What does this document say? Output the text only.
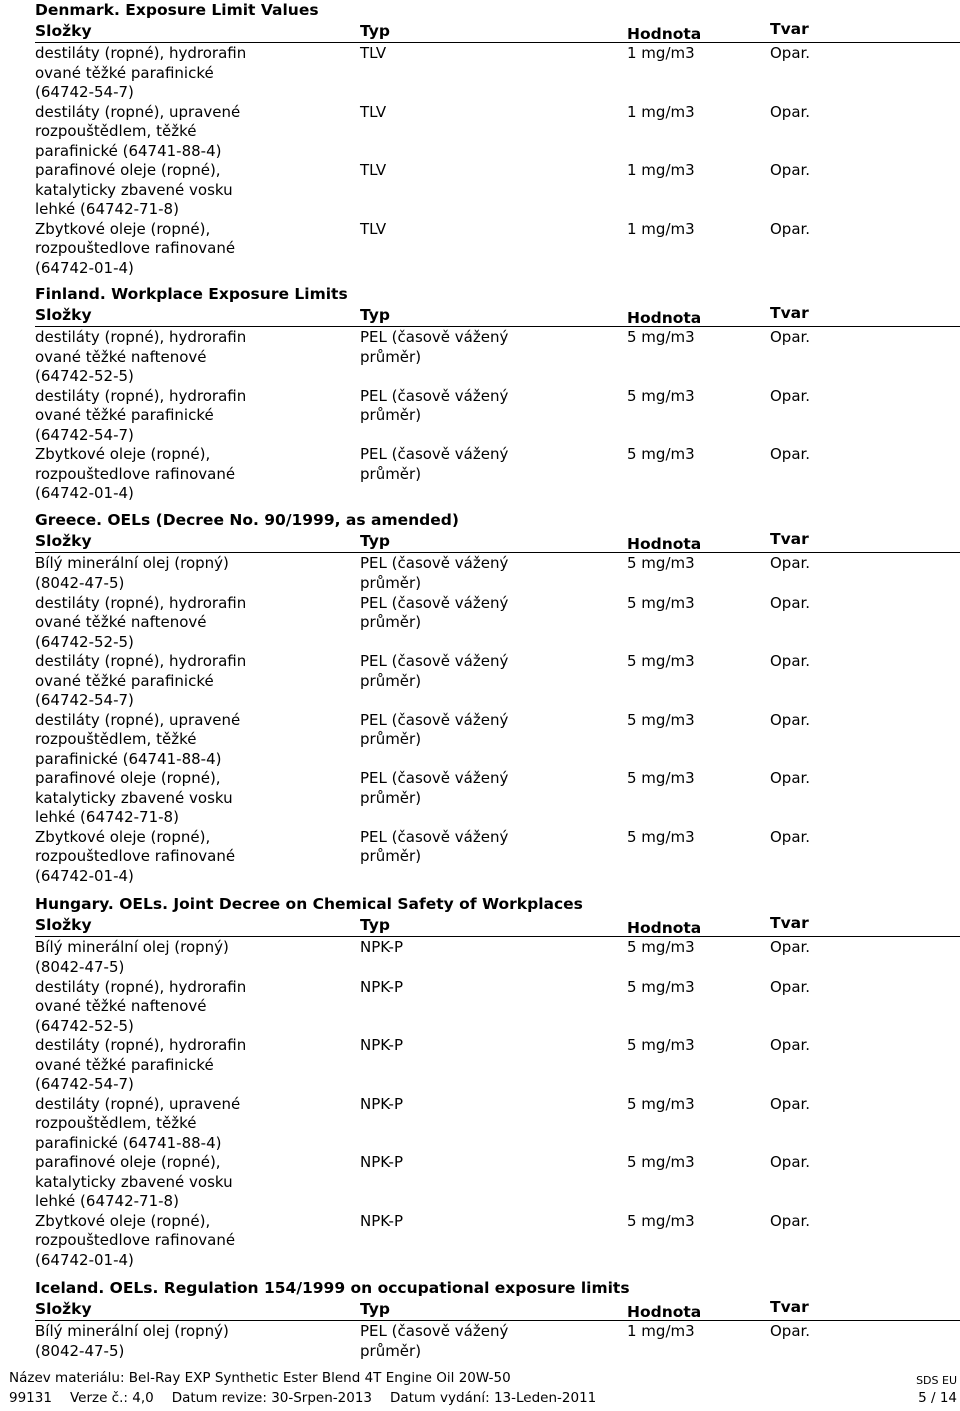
Denmark. Exposure Limit Values
Složky	Typ	Hodnota	Tvar
destiláty (ropné), hydrorafin
ované těžké parafinické
(64742-54-7)
TLV	1 mg/m3	Opar.
destiláty (ropné), upravené
rozpouštědlem, těžké
parafinické (64741-88-4)
TLV	1 mg/m3	Opar.
parafinové oleje (ropné),
katalyticky zbavené vosku
lehké (64742-71-8)
TLV	1 mg/m3	Opar.
Zbytkové oleje (ropné),
rozpouštedlove rafinované
(64742-01-4)
TLV	1 mg/m3	Opar.
Finland. Workplace Exposure Limits
Složky	Typ	Hodnota	Tvar
destiláty (ropné), hydrorafin
ované těžké naftenové
(64742-52-5)
PEL (časově vážený
průměr)
5 mg/m3	Opar.
destiláty (ropné), hydrorafin
ované těžké parafinické
(64742-54-7)
PEL (časově vážený
průměr)
5 mg/m3	Opar.
Zbytkové oleje (ropné),
rozpouštedlove rafinované
(64742-01-4)
PEL (časově vážený
průměr)
5 mg/m3	Opar.
Greece. OELs (Decree No. 90/1999, as amended)
Složky	Typ	Hodnota	Tvar
Bílý minerální olej (ropný)
(8042-47-5)
PEL (časově vážený
průměr)
5 mg/m3	Opar.
destiláty (ropné), hydrorafin
ované těžké naftenové
(64742-52-5)
PEL (časově vážený
průměr)
5 mg/m3	Opar.
destiláty (ropné), hydrorafin
ované těžké parafinické
(64742-54-7)
PEL (časově vážený
průměr)
5 mg/m3	Opar.
destiláty (ropné), upravené
rozpouštědlem, těžké
parafinické (64741-88-4)
PEL (časově vážený
průměr)
5 mg/m3	Opar.
parafinové oleje (ropné),
katalyticky zbavené vosku
lehké (64742-71-8)
PEL (časově vážený
průměr)
5 mg/m3	Opar.
Zbytkové oleje (ropné),
rozpouštedlove rafinované
(64742-01-4)
PEL (časově vážený
průměr)
5 mg/m3	Opar.
Hungary. OELs. Joint Decree on Chemical Safety of Workplaces
Složky	Typ	Hodnota	Tvar
Bílý minerální olej (ropný)
(8042-47-5)
NPK-P	5 mg/m3	Opar.
destiláty (ropné), hydrorafin
ované těžké naftenové
(64742-52-5)
NPK-P	5 mg/m3	Opar.
destiláty (ropné), hydrorafin
ované těžké parafinické
(64742-54-7)
NPK-P	5 mg/m3	Opar.
destiláty (ropné), upravené
rozpouštědlem, těžké
parafinické (64741-88-4)
NPK-P	5 mg/m3	Opar.
parafinové oleje (ropné),
katalyticky zbavené vosku
lehké (64742-71-8)
NPK-P	5 mg/m3	Opar.
Zbytkové oleje (ropné),
rozpouštedlove rafinované
(64742-01-4)
NPK-P	5 mg/m3	Opar.
Iceland. OELs. Regulation 154/1999 on occupational exposure limits
Složky	Typ	Hodnota	Tvar
Bílý minerální olej (ropný)
(8042-47-5)
PEL (časově vážený
průměr)
1 mg/m3	Opar.
Název materiálu: Bel-Ray EXP Synthetic Ester Blend 4T Engine Oil 20W-50
99131 Verze č.: 4,0 Datum revize: 30-Srpen-2013 Datum vydání: 13-Leden-2011
SDS EU
5 / 14
